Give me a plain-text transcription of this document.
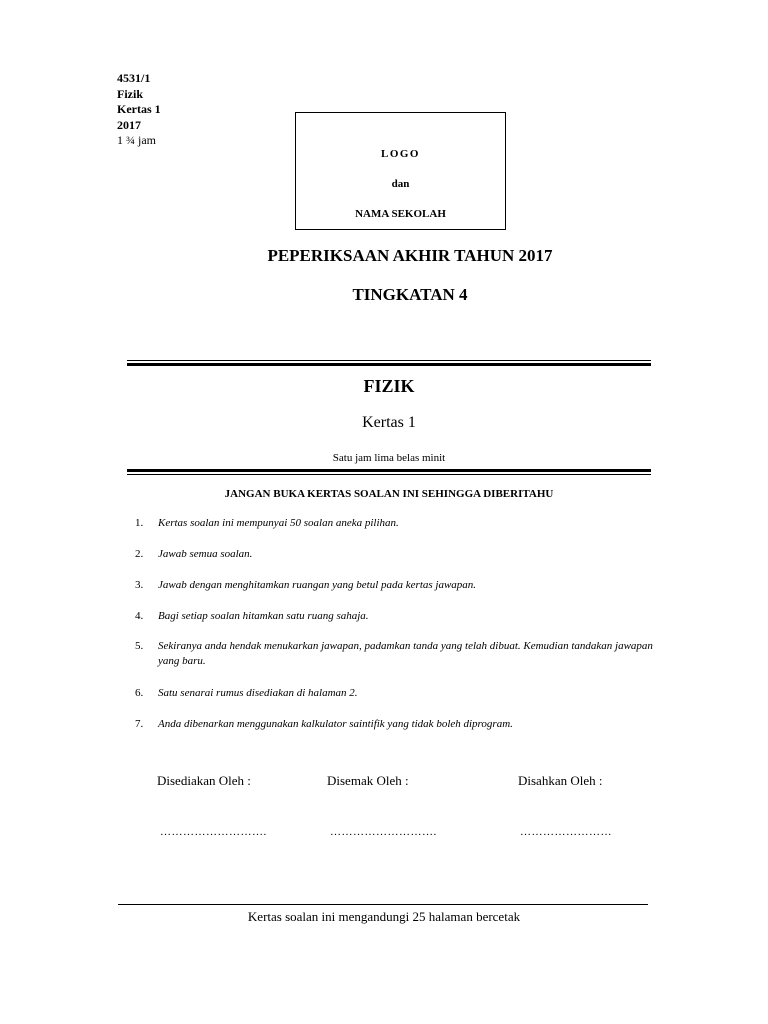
4531/1
Fizik
Kertas 1
2017
1 ¾ jam
LOGO
dan
NAMA SEKOLAH
PEPERIKSAAN AKHIR TAHUN 2017
TINGKATAN 4
FIZIK
Kertas 1
Satu jam lima belas minit
JANGAN BUKA KERTAS SOALAN INI SEHINGGA DIBERITAHU
1. Kertas soalan ini mempunyai 50 soalan aneka pilihan.
2. Jawab semua soalan.
3. Jawab dengan menghitamkan ruangan yang betul pada kertas jawapan.
4. Bagi setiap soalan hitamkan satu ruang sahaja.
5. Sekiranya anda hendak menukarkan jawapan, padamkan tanda yang telah dibuat. Kemudian tandakan jawapan yang baru.
6. Satu senarai rumus disediakan di halaman 2.
7. Anda dibenarkan menggunakan kalkulator saintifik yang tidak boleh diprogram.
Disediakan Oleh :	Disemak Oleh :	Disahkan Oleh :
……………………….	……………………….	……………………
Kertas soalan ini mengandungi 25 halaman bercetak
